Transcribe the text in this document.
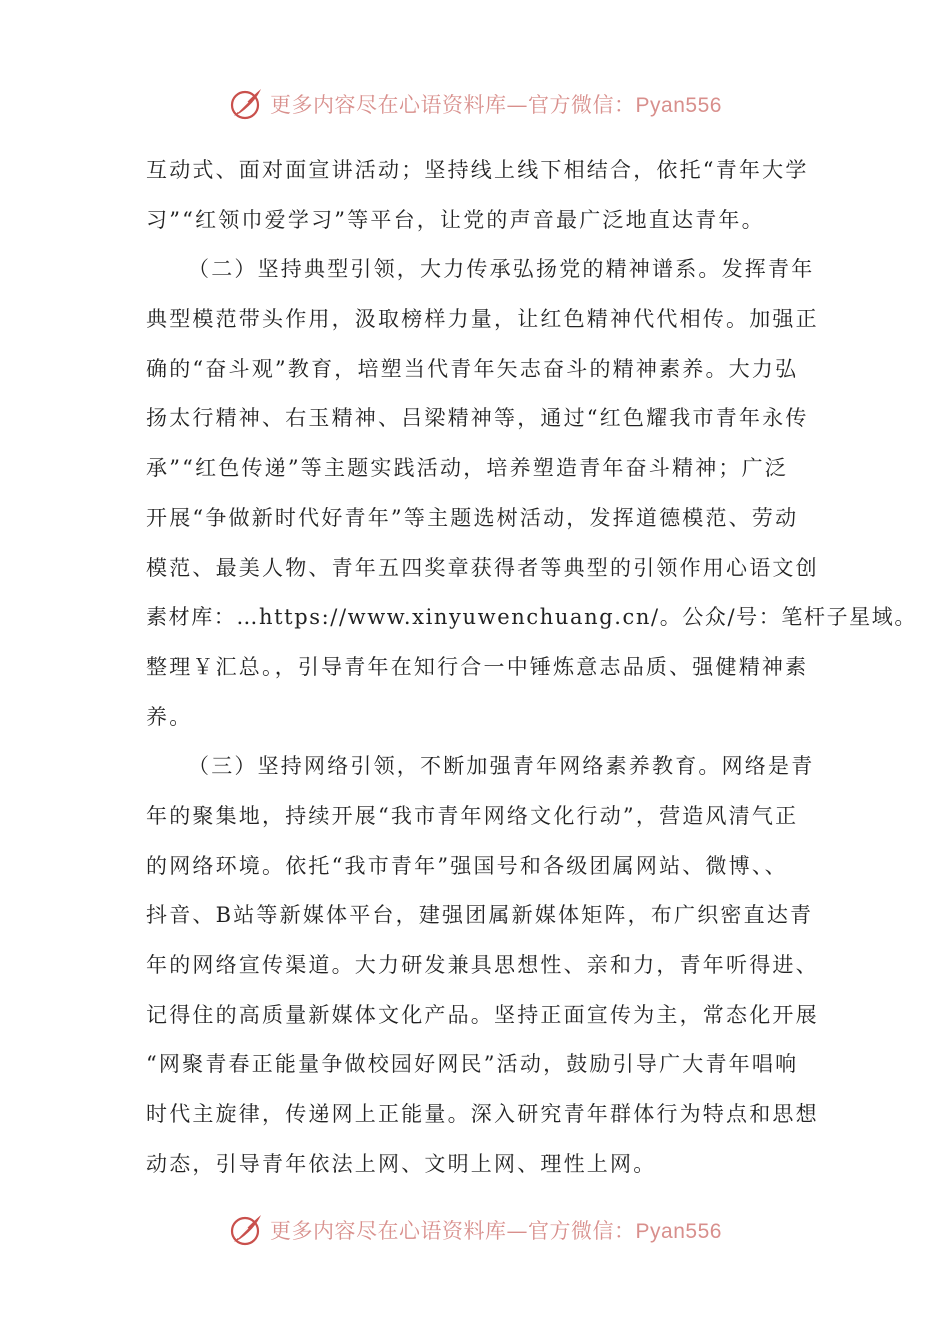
更多内容尽在心语资料库—官方微信：Pyan556
互动式、面对面宣讲活动；坚持线上线下相结合，依托“青年大学
习”“红领巾爱学习”等平台，让党的声音最广泛地直达青年。
（二）坚持典型引领，大力传承弘扬党的精神谱系。发挥青年
典型模范带头作用，汲取榜样力量，让红色精神代代相传。加强正
确的“奋斗观”教育，培塑当代青年矢志奋斗的精神素养。大力弘
扬太行精神、右玉精神、吕梁精神等，通过“红色耀我市青年永传
承”“红色传递”等主题实践活动，培养塑造青年奋斗精神；广泛
开展“争做新时代好青年”等主题选树活动，发挥道德模范、劳动
模范、最美人物、青年五四奖章获得者等典型的引领作用心语文创
素材库：…https://www.xinyuwenchuang.cn/。公众/号：笔杆子星域。
整理￥汇总。，引导青年在知行合一中锤炼意志品质、强健精神素
养。
（三）坚持网络引领，不断加强青年网络素养教育。网络是青
年的聚集地，持续开展“我市青年网络文化行动”，营造风清气正
的网络环境。依托“我市青年”强国号和各级团属网站、微博、、
抖音、B站等新媒体平台，建强团属新媒体矩阵，布广织密直达青
年的网络宣传渠道。大力研发兼具思想性、亲和力，青年听得进、
记得住的高质量新媒体文化产品。坚持正面宣传为主，常态化开展
“网聚青春正能量争做校园好网民”活动，鼓励引导广大青年唱响
时代主旋律，传递网上正能量。深入研究青年群体行为特点和思想
动态，引导青年依法上网、文明上网、理性上网。
更多内容尽在心语资料库—官方微信：Pyan556
